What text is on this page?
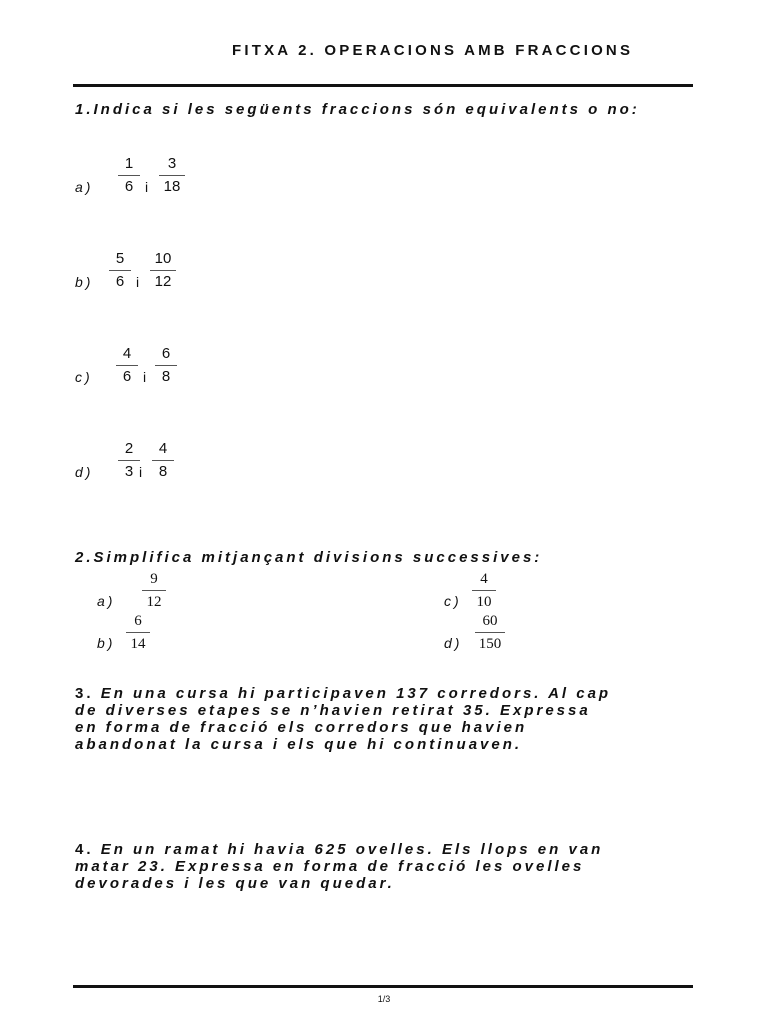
FITXA 2. OPERACIONS AMB FRACCIONS
1.Indica si les següents fraccions són equivalents o no:
$a) \frac{1}{6}$ i $\frac{3}{18}$
$b) \frac{5}{6}$ i $\frac{10}{12}$
$c) \frac{4}{6}$ i $\frac{6}{8}$
$d) \frac{2}{3}$ i $\frac{4}{8}$
2.Simplifica mitjançant divisions successives:
$a) \frac{9}{12}$
$b) \frac{6}{14}$
$c) \frac{4}{10}$
$d) \frac{60}{150}$
3. En una cursa hi participaven 137 corredors. Al cap
de diverses etapes se n’havien retirat 35. Expressa
en forma de fracció els corredors que havien
abandonat la cursa i els que hi continuaven.
4. En un ramat hi havia 625 ovelles. Els llops en van
matar 23. Expressa en forma de fracció les ovelles
devorades i les que van quedar.
1/3
